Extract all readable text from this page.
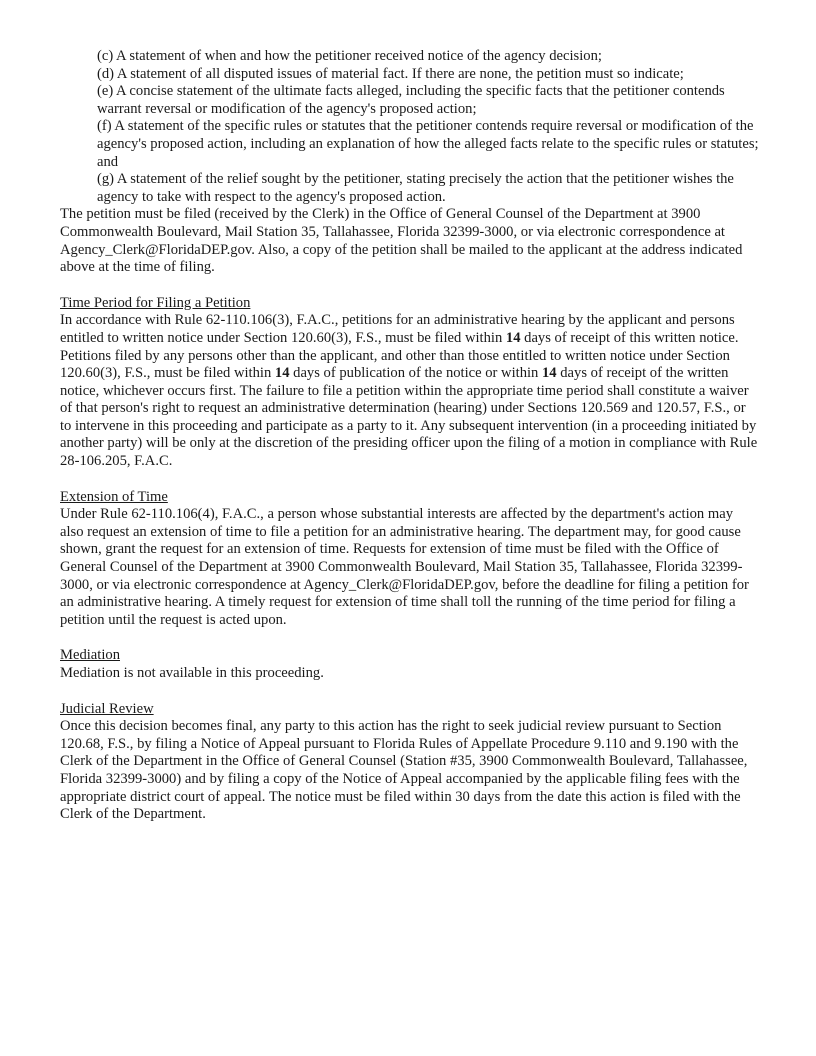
(c) A statement of when and how the petitioner received notice of the agency decision;

(d) A statement of all disputed issues of material fact. If there are none, the petition must so indicate;

(e) A concise statement of the ultimate facts alleged, including the specific facts that the petitioner contends warrant reversal or modification of the agency's proposed action;

(f) A statement of the specific rules or statutes that the petitioner contends require reversal or modification of the agency's proposed action, including an explanation of how the alleged facts relate to the specific rules or statutes; and

(g) A statement of the relief sought by the petitioner, stating precisely the action that the petitioner wishes the agency to take with respect to the agency's proposed action.

The petition must be filed (received by the Clerk) in the Office of General Counsel of the Department at 3900 Commonwealth Boulevard, Mail Station 35, Tallahassee, Florida 32399-3000, or via electronic correspondence at Agency_Clerk@FloridaDEP.gov. Also, a copy of the petition shall be mailed to the applicant at the address indicated above at the time of filing.

Time Period for Filing a Petition

In accordance with Rule 62-110.106(3), F.A.C., petitions for an administrative hearing by the applicant and persons entitled to written notice under Section 120.60(3), F.S., must be filed within 14 days of receipt of this written notice. Petitions filed by any persons other than the applicant, and other than those entitled to written notice under Section 120.60(3), F.S., must be filed within 14 days of publication of the notice or within 14 days of receipt of the written notice, whichever occurs first. The failure to file a petition within the appropriate time period shall constitute a waiver of that person's right to request an administrative determination (hearing) under Sections 120.569 and 120.57, F.S., or to intervene in this proceeding and participate as a party to it. Any subsequent intervention (in a proceeding initiated by another party) will be only at the discretion of the presiding officer upon the filing of a motion in compliance with Rule 28-106.205, F.A.C.

Extension of Time

Under Rule 62-110.106(4), F.A.C., a person whose substantial interests are affected by the department's action may also request an extension of time to file a petition for an administrative hearing. The department may, for good cause shown, grant the request for an extension of time. Requests for extension of time must be filed with the Office of General Counsel of the Department at 3900 Commonwealth Boulevard, Mail Station 35, Tallahassee, Florida 32399-3000, or via electronic correspondence at Agency_Clerk@FloridaDEP.gov, before the deadline for filing a petition for an administrative hearing. A timely request for extension of time shall toll the running of the time period for filing a petition until the request is acted upon.

Mediation

Mediation is not available in this proceeding.

Judicial Review

Once this decision becomes final, any party to this action has the right to seek judicial review pursuant to Section 120.68, F.S., by filing a Notice of Appeal pursuant to Florida Rules of Appellate Procedure 9.110 and 9.190 with the Clerk of the Department in the Office of General Counsel (Station #35, 3900 Commonwealth Boulevard, Tallahassee, Florida 32399-3000) and by filing a copy of the Notice of Appeal accompanied by the applicable filing fees with the appropriate district court of appeal. The notice must be filed within 30 days from the date this action is filed with the Clerk of the Department.
